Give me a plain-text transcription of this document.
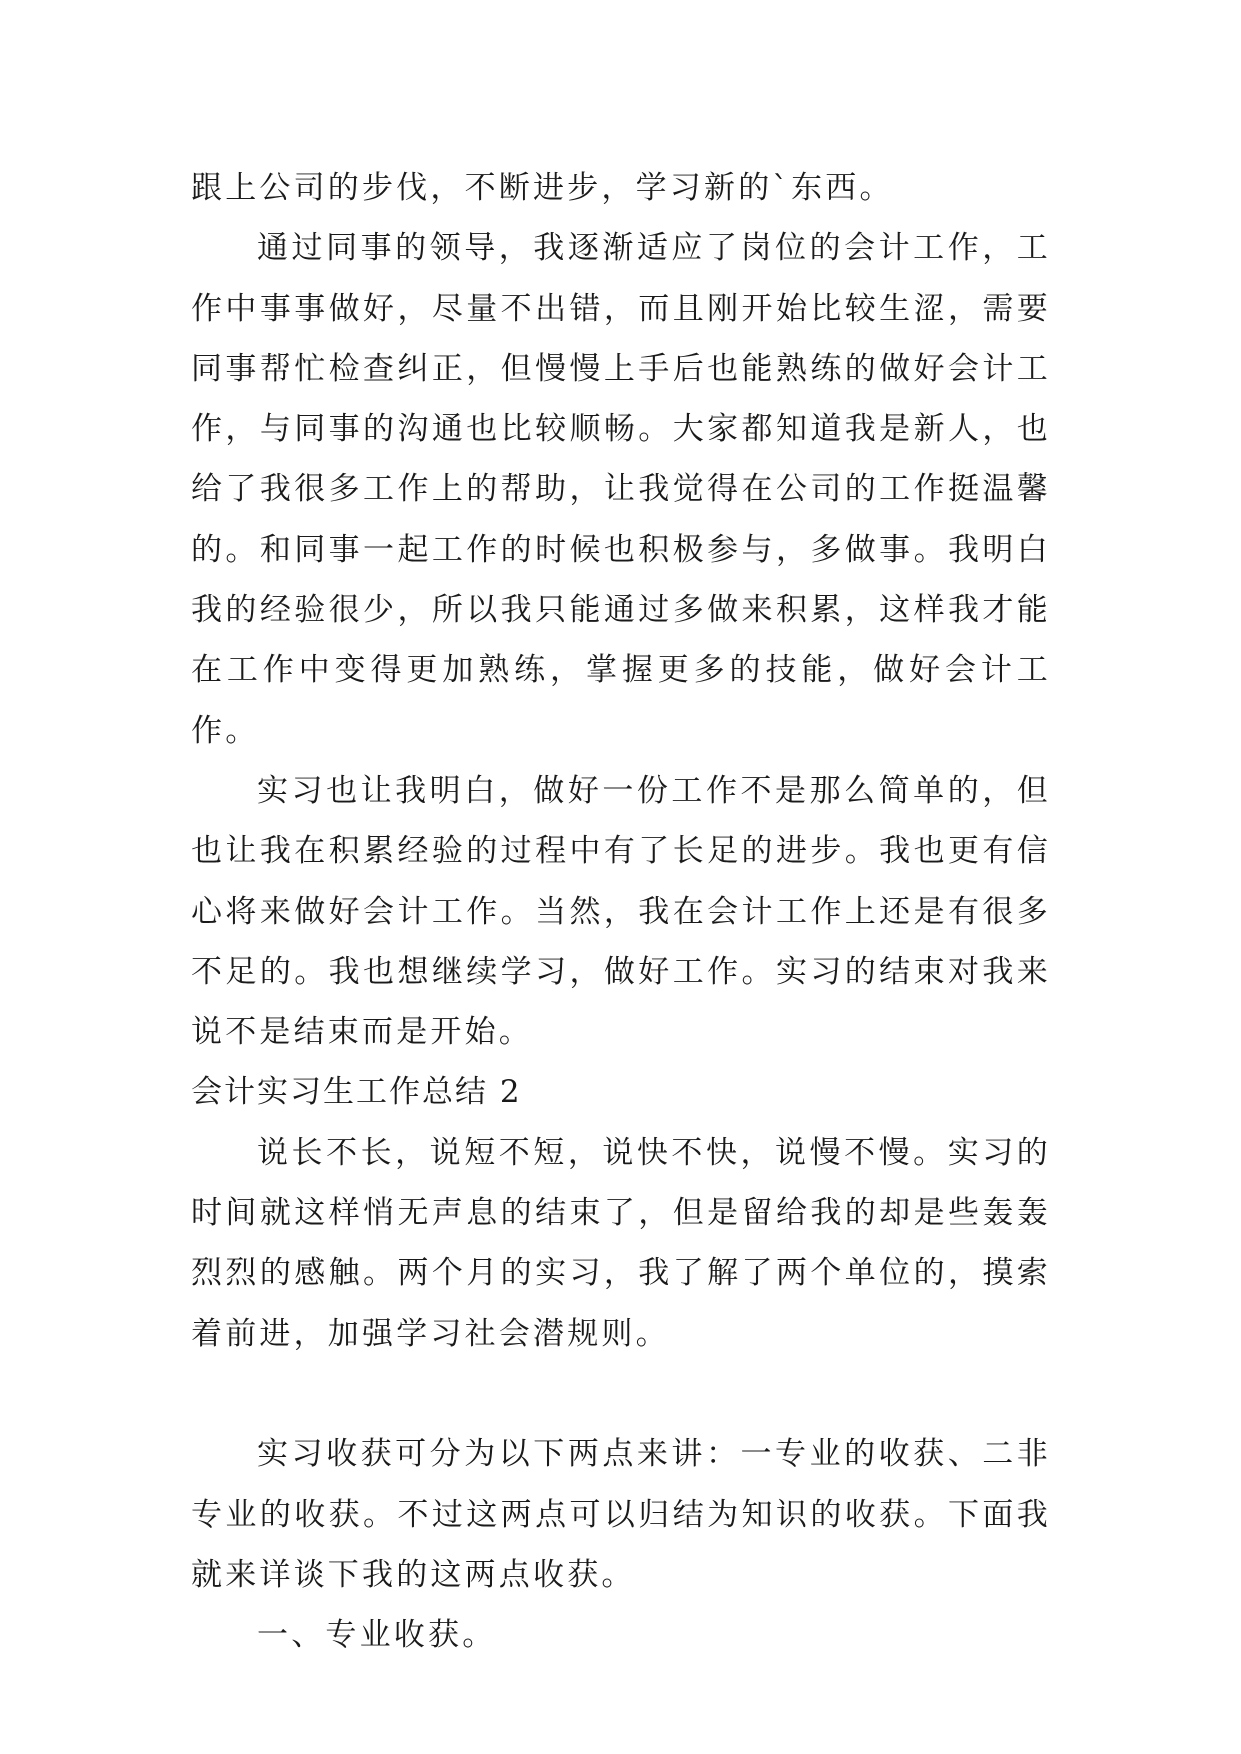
跟上公司的步伐，不断进步，学习新的`东西。

通过同事的领导，我逐渐适应了岗位的会计工作，工作中事事做好，尽量不出错，而且刚开始比较生涩，需要同事帮忙检查纠正，但慢慢上手后也能熟练的做好会计工作，与同事的沟通也比较顺畅。大家都知道我是新人，也给了我很多工作上的帮助，让我觉得在公司的工作挺温馨的。和同事一起工作的时候也积极参与，多做事。我明白我的经验很少，所以我只能通过多做来积累，这样我才能在工作中变得更加熟练，掌握更多的技能，做好会计工作。

实习也让我明白，做好一份工作不是那么简单的，但也让我在积累经验的过程中有了长足的进步。我也更有信心将来做好会计工作。当然，我在会计工作上还是有很多不足的。我也想继续学习，做好工作。实习的结束对我来说不是结束而是开始。

会计实习生工作总结 2

说长不长，说短不短，说快不快，说慢不慢。实习的时间就这样悄无声息的结束了，但是留给我的却是些轰轰烈烈的感触。两个月的实习，我了解了两个单位的，摸索着前进，加强学习社会潜规则。

实习收获可分为以下两点来讲：一专业的收获、二非专业的收获。不过这两点可以归结为知识的收获。下面我就来详谈下我的这两点收获。

一、专业收获。
